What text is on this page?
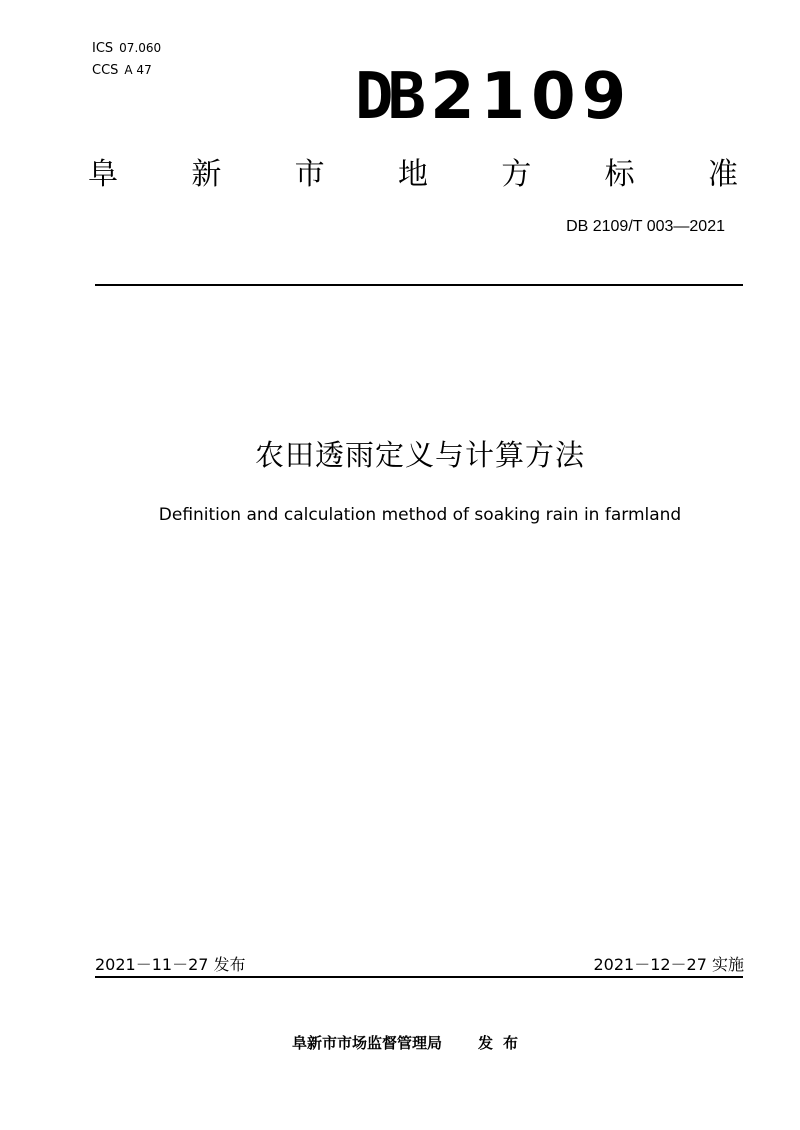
ICS 07.060
CCS A 47	DB 2109
阜 新 市 地 方 标 准
DB 2109/T 003—2021
农田透雨定义与计算方法
Definition and calculation method of soaking rain in farmland
2021－11－27 发布	2021－12－27 实施
阜新市市场监督管理局 发布
